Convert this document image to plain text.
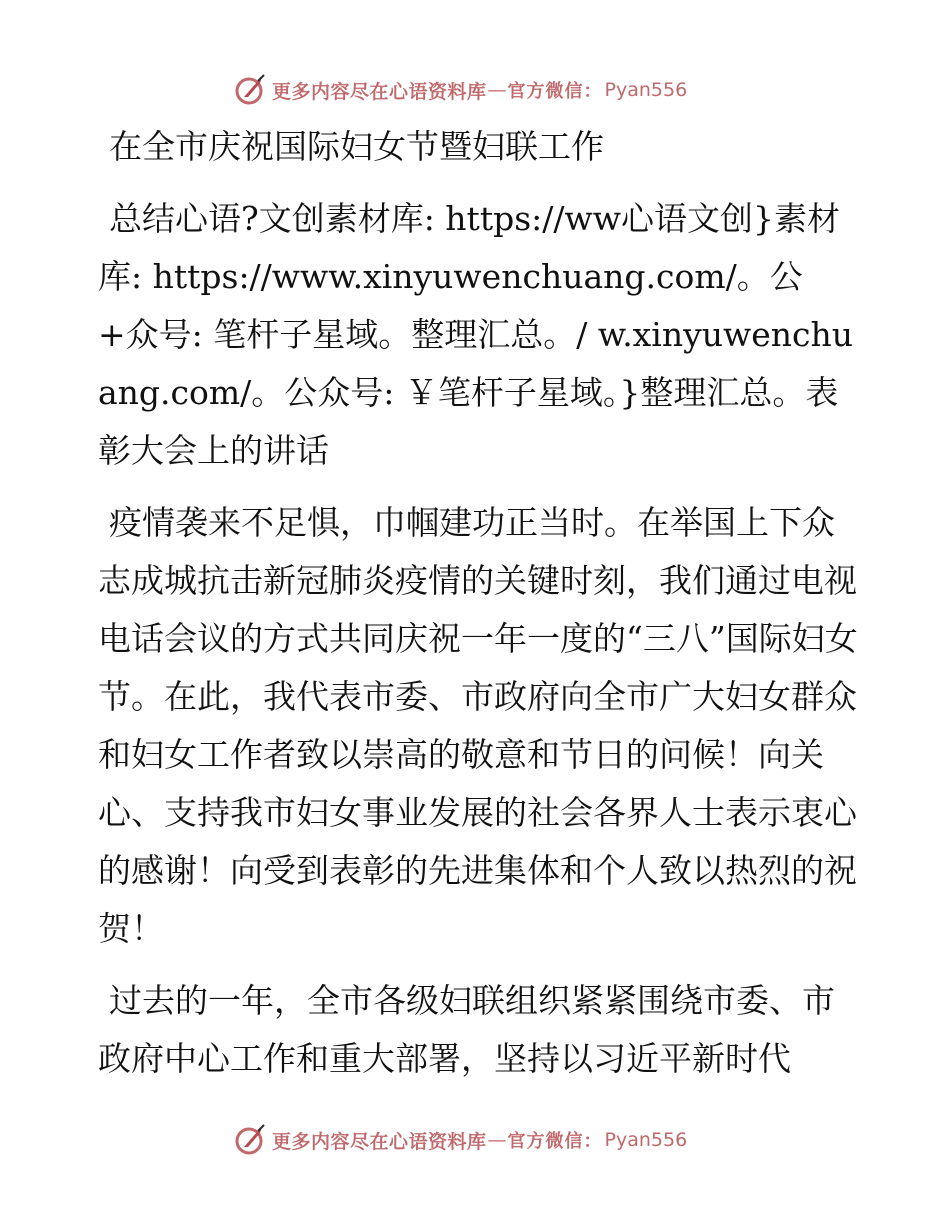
更多内容尽在心语资料库 — 官方微信： Pyan556

在全市庆祝国际妇女节暨妇联工作

总结心语?文创素材库: https://ww心语文创}素材库: https://www.xinyuwenchuang.com/。公+众号: 笔杆子星域。整理汇总。/ w.xinyuwenchuang.com/。公众号: ￥笔杆子星域。}整理汇总。表彰大会上的讲话

疫情袭来不足惧，巾帼建功正当时。在举国上下众志成城抗击新冠肺炎疫情的关键时刻，我们通过电视电话会议的方式共同庆祝一年一度的“三八”国际妇女节。在此，我代表市委、市政府向全市广大妇女群众和妇女工作者致以崇高的敬意和节日的问候！向关心、支持我市妇女事业发展的社会各界人士表示衷心的感谢！向受到表彰的先进集体和个人致以热烈的祝贺！

过去的一年，全市各级妇联组织紧紧围绕市委、市政府中心工作和重大部署，坚持以习近平新时代

更多内容尽在心语资料库 — 官方微信： Pyan556
